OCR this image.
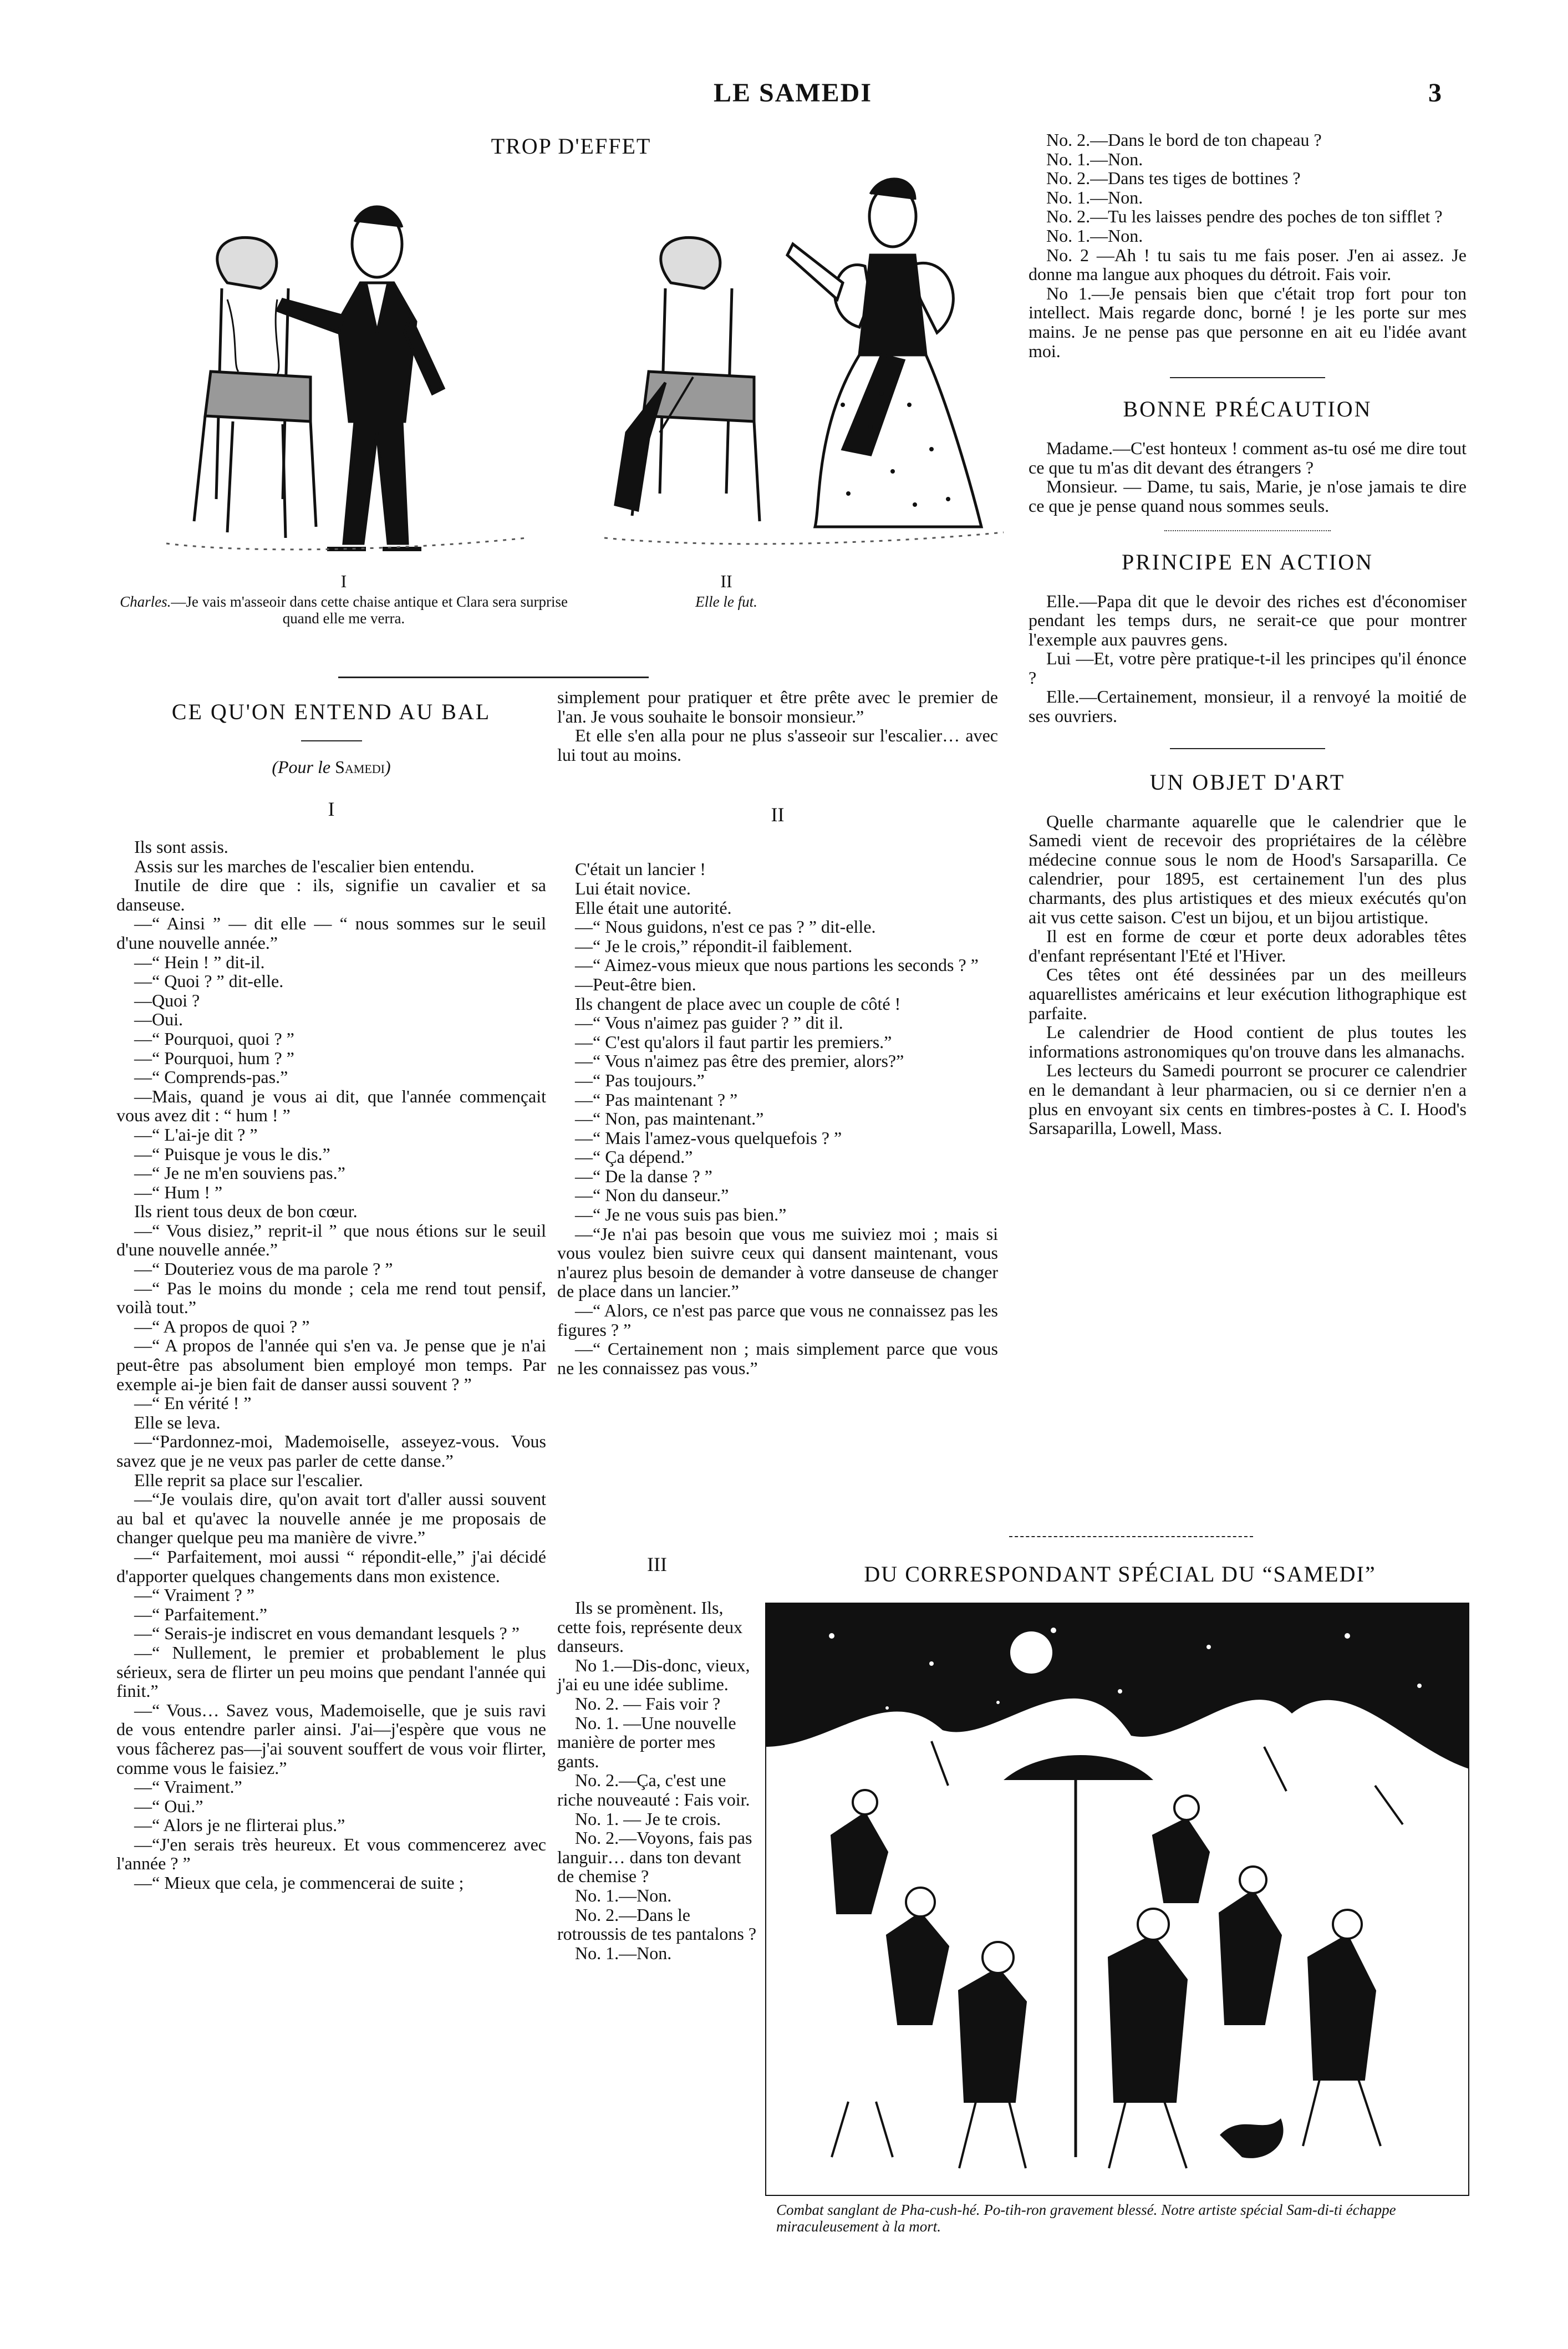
LE SAMEDI	3
TROP D'EFFET
I
Charles.—Je vais m'asseoir dans cette chaise antique et Clara sera surprise quand elle me verra.
II
Elle le fut.
CE QU'ON ENTEND AU BAL
(Pour le Samedi)
I

Ils sont assis.

Assis sur les marches de l'escalier bien entendu.

Inutile de dire que : ils, signifie un cavalier et sa danseuse.

—“ Ainsi ” — dit elle — “ nous sommes sur le seuil d'une nouvelle année.”

—“ Hein ! ” dit-il.

—“ Quoi ? ” dit-elle.

—Quoi ?

—Oui.

—“ Pourquoi, quoi ? ”

—“ Pourquoi, hum ? ”

—“ Comprends-pas.”

—Mais, quand je vous ai dit, que l'année commençait vous avez dit : “ hum ! ”

—“ L'ai-je dit ? ”

—“ Puisque je vous le dis.”

—“ Je ne m'en souviens pas.”

—“ Hum ! ”

Ils rient tous deux de bon cœur.

—“ Vous disiez,” reprit-il ” que nous étions sur le seuil d'une nouvelle année.”

—“ Douteriez vous de ma parole ? ”

—“ Pas le moins du monde ; cela me rend tout pensif, voilà tout.”

—“ A propos de quoi ? ”

—“ A propos de l'année qui s'en va. Je pense que je n'ai peut-être pas absolument bien employé mon temps. Par exemple ai-je bien fait de danser aussi souvent ? ”

—“ En vérité ! ”

Elle se leva.

—“Pardonnez-moi, Mademoiselle, asseyez-vous. Vous savez que je ne veux pas parler de cette danse.”

Elle reprit sa place sur l'escalier.

—“Je voulais dire, qu'on avait tort d'aller aussi souvent au bal et qu'avec la nouvelle année je me proposais de changer quelque peu ma manière de vivre.”

—“ Parfaitement, moi aussi “ répondit-elle,” j'ai décidé d'apporter quelques changements dans mon existence.

—“ Vraiment ? ”

—“ Parfaitement.”

—“ Serais-je indiscret en vous demandant lesquels ? ”

—“ Nullement, le premier et probablement le plus sérieux, sera de flirter un peu moins que pendant l'année qui finit.”

—“ Vous… Savez vous, Mademoiselle, que je suis ravi de vous entendre parler ainsi. J'ai—j'espère que vous ne vous fâcherez pas—j'ai souvent souffert de vous voir flirter, comme vous le faisiez.”

—“ Vraiment.”

—“ Oui.”

—“ Alors je ne flirterai plus.”

—“J'en serais très heureux. Et vous commencerez avec l'année ? ”

—“ Mieux que cela, je commencerai de suite ;

simplement pour pratiquer et être prête avec le premier de l'an. Je vous souhaite le bonsoir monsieur.”

Et elle s'en alla pour ne plus s'asseoir sur l'escalier… avec lui tout au moins.

II

C'était un lancier !

Lui était novice.

Elle était une autorité.

—“ Nous guidons, n'est ce pas ? ” dit-elle.

—“ Je le crois,” répondit-il faiblement.

—“ Aimez-vous mieux que nous partions les seconds ? ”

—Peut-être bien.

Ils changent de place avec un couple de côté !

—“ Vous n'aimez pas guider ? ” dit il.

—“ C'est qu'alors il faut partir les premiers.”

—“ Vous n'aimez pas être des premier, alors?”

—“ Pas toujours.”

—“ Pas maintenant ? ”

—“ Non, pas maintenant.”

—“ Mais l'amez-vous quelquefois ? ”

—“ Ça dépend.”

—“ De la danse ? ”

—“ Non du danseur.”

—“ Je ne vous suis pas bien.”

—“Je n'ai pas besoin que vous me suiviez moi ; mais si vous voulez bien suivre ceux qui dansent maintenant, vous n'aurez plus besoin de demander à votre danseuse de changer de place dans un lancier.”

—“ Alors, ce n'est pas parce que vous ne connaissez pas les figures ? ”

—“ Certainement non ; mais simplement parce que vous ne les connaissez pas vous.”

III

Ils se promènent. Ils, cette fois, représente deux danseurs.

No 1.—Dis-donc, vieux, j'ai eu une idée sublime.

No. 2. — Fais voir ?

No. 1. —Une nouvelle manière de porter mes gants.

No. 2.—Ça, c'est une riche nouveauté : Fais voir.

No. 1. — Je te crois.

No. 2.—Voyons, fais pas languir… dans ton devant de chemise ?

No. 1.—Non.

No. 2.—Dans le rotroussis de tes pantalons ?

No. 1.—Non.

No. 2.—Dans le bord de ton chapeau ?

No. 1.—Non.

No. 2.—Dans tes tiges de bottines ?

No. 1.—Non.

No. 2.—Tu les laisses pendre des poches de ton sifflet ?

No. 1.—Non.

No. 2 —Ah ! tu sais tu me fais poser. J'en ai assez. Je donne ma langue aux phoques du détroit. Fais voir.

No 1.—Je pensais bien que c'était trop fort pour ton intellect. Mais regarde donc, borné ! je les porte sur mes mains. Je ne pense pas que personne en ait eu l'idée avant moi.

BONNE PRÉCAUTION

Madame.—C'est honteux ! comment as-tu osé me dire tout ce que tu m'as dit devant des étrangers ?

Monsieur. — Dame, tu sais, Marie, je n'ose jamais te dire ce que je pense quand nous sommes seuls.

PRINCIPE EN ACTION

Elle.—Papa dit que le devoir des riches est d'économiser pendant les temps durs, ne serait-ce que pour montrer l'exemple aux pauvres gens.

Lui —Et, votre père pratique-t-il les principes qu'il énonce ?

Elle.—Certainement, monsieur, il a renvoyé la moitié de ses ouvriers.

UN OBJET D'ART

Quelle charmante aquarelle que le calendrier que le Samedi vient de recevoir des propriétaires de la célèbre médecine connue sous le nom de Hood's Sarsaparilla. Ce calendrier, pour 1895, est certainement l'un des plus charmants, des plus artistiques et des mieux exécutés qu'on ait vus cette saison. C'est un bijou, et un bijou artistique.

Il est en forme de cœur et porte deux adorables têtes d'enfant représentant l'Eté et l'Hiver.

Ces têtes ont été dessinées par un des meilleurs aquarellistes américains et leur exécution lithographique est parfaite.

Le calendrier de Hood contient de plus toutes les informations astronomiques qu'on trouve dans les almanachs.

Les lecteurs du Samedi pourront se procurer ce calendrier en le demandant à leur pharmacien, ou si ce dernier n'en a plus en envoyant six cents en timbres-postes à C. I. Hood's Sarsaparilla, Lowell, Mass.

DU CORRESPONDANT SPÉCIAL DU “SAMEDI”
Combat sanglant de Pha-cush-hé. Po-tih-ron gravement blessé. Notre artiste spécial Sam-di-ti échappe miraculeusement à la mort.
